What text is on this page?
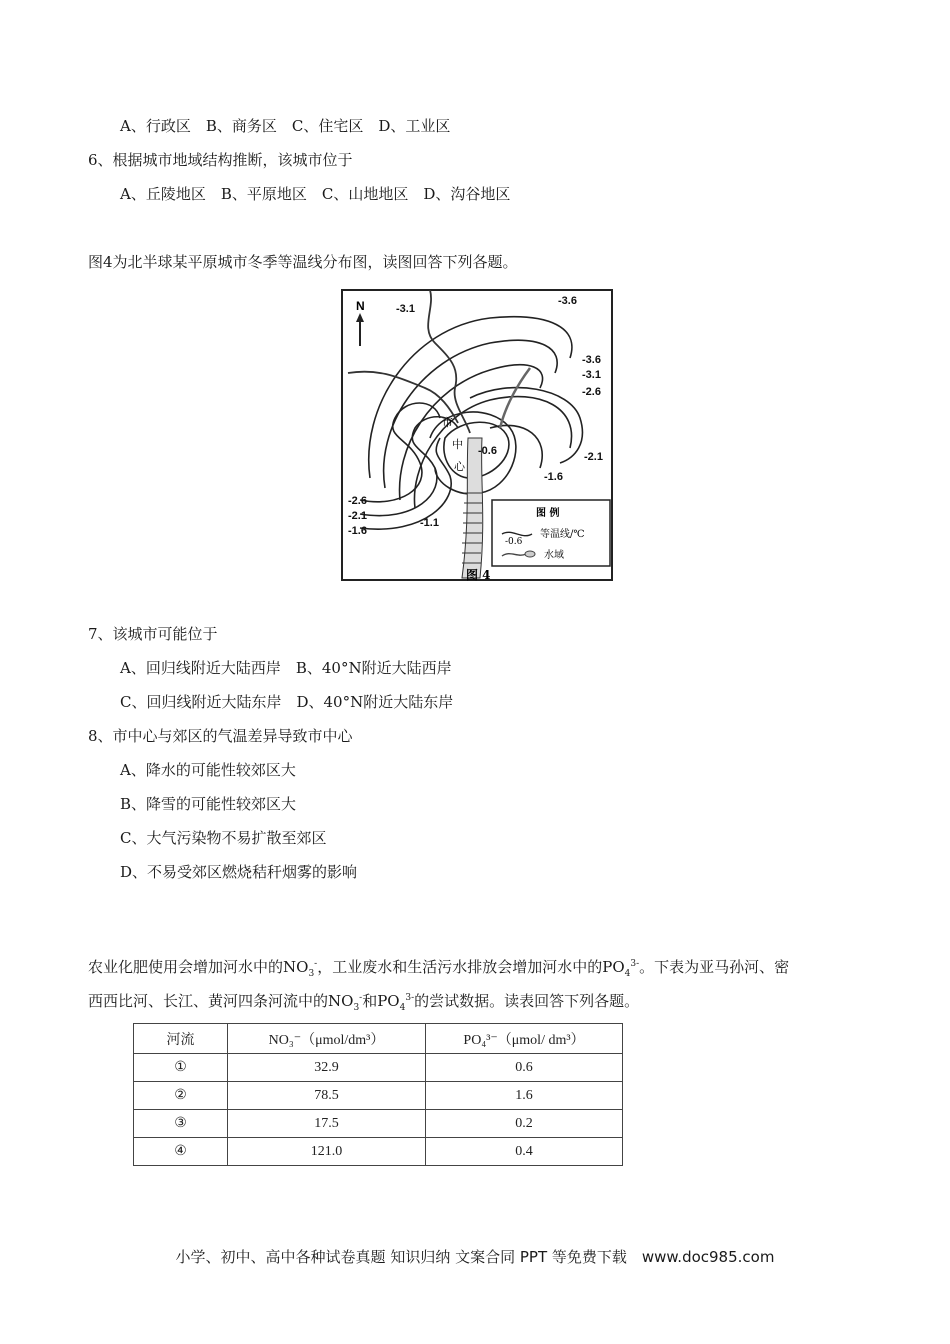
A、行政区　B、商务区　C、住宅区　D、工业区
6、根据城市地域结构推断，该城市位于
A、丘陵地区　B、平原地区　C、山地地区　D、沟谷地区
图4为北半球某平原城市冬季等温线分布图，读图回答下列各题。
N
市
中
心
-3.1
-3.6
-3.6
-3.1
-2.6
-2.1
-1.6
-0.6
-1.1
-2.6
-2.1
-1.6
图 例
-0.6
等温线/℃
水域
图 4
7、该城市可能位于
A、回归线附近大陆西岸　B、40°N附近大陆西岸
C、回归线附近大陆东岸　D、40°N附近大陆东岸
8、市中心与郊区的气温差异导致市中心
A、降水的可能性较郊区大
B、降雪的可能性较郊区大
C、大气污染物不易扩散至郊区
D、不易受郊区燃烧秸秆烟雾的影响
农业化肥使用会增加河水中的$NO_3^-$，工业废水和生活污水排放会增加河水中的$PO_4^{3-}$。下表为亚马孙河、密
西西比河、长江、黄河四条河流中的$NO_3^-$和$PO_4^{3-}$的尝试数据。读表回答下列各题。
河流	NO₃⁻（μmol/dm³）	PO₄³⁻（μmol/ dm³）
①	32.9	0.6
②	78.5	1.6
③	17.5	0.2
④	121.0	0.4
小学、初中、高中各种试卷真题 知识归纳 文案合同 PPT 等免费下载　www.doc985.com
